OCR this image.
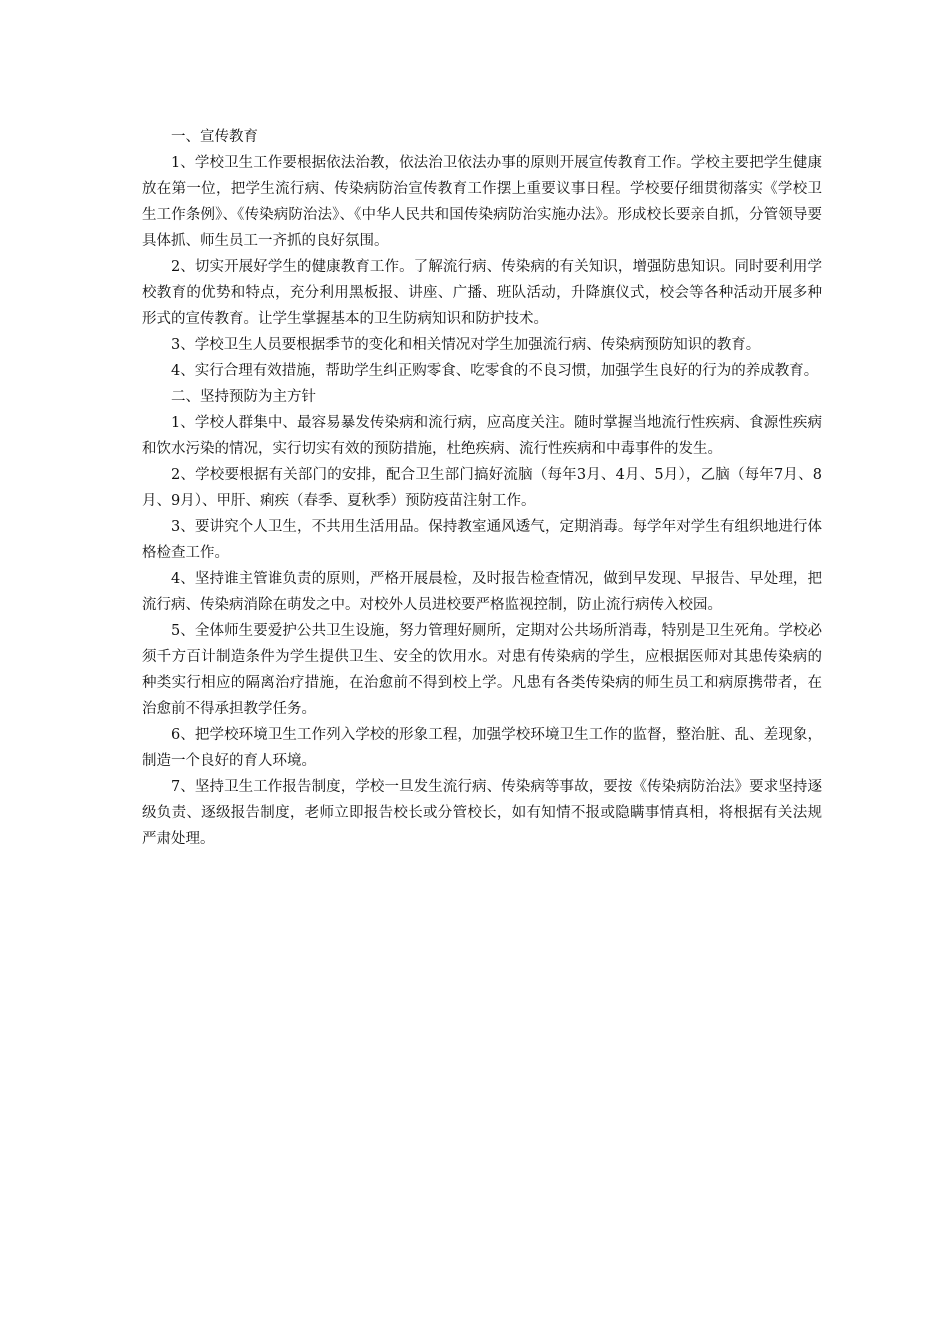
一、宣传教育

1、学校卫生工作要根据依法治教，依法治卫依法办事的原则开展宣传教育工作。学校主要把学生健康放在第一位，把学生流行病、传染病防治宣传教育工作摆上重要议事日程。学校要仔细贯彻落实《学校卫生工作条例》、《传染病防治法》、《中华人民共和国传染病防治实施办法》。形成校长要亲自抓，分管领导要具体抓、师生员工一齐抓的良好氛围。

2、切实开展好学生的健康教育工作。了解流行病、传染病的有关知识，增强防患知识。同时要利用学校教育的优势和特点，充分利用黑板报、讲座、广播、班队活动，升降旗仪式，校会等各种活动开展多种形式的宣传教育。让学生掌握基本的卫生防病知识和防护技术。

3、学校卫生人员要根据季节的变化和相关情况对学生加强流行病、传染病预防知识的教育。

4、实行合理有效措施，帮助学生纠正购零食、吃零食的不良习惯，加强学生良好的行为的养成教育。

二、坚持预防为主方针

1、学校人群集中、最容易暴发传染病和流行病，应高度关注。随时掌握当地流行性疾病、食源性疾病和饮水污染的情况，实行切实有效的预防措施，杜绝疾病、流行性疾病和中毒事件的发生。

2、学校要根据有关部门的安排，配合卫生部门搞好流脑（每年3月、4月、5月），乙脑（每年7月、8月、9月）、甲肝、痢疾（春季、夏秋季）预防疫苗注射工作。

3、要讲究个人卫生，不共用生活用品。保持教室通风透气，定期消毒。每学年对学生有组织地进行体格检查工作。

4、坚持谁主管谁负责的原则，严格开展晨检，及时报告检查情况，做到早发现、早报告、早处理，把流行病、传染病消除在萌发之中。对校外人员进校要严格监视控制，防止流行病传入校园。

5、全体师生要爱护公共卫生设施，努力管理好厕所，定期对公共场所消毒，特别是卫生死角。学校必须千方百计制造条件为学生提供卫生、安全的饮用水。对患有传染病的学生，应根据医师对其患传染病的种类实行相应的隔离治疗措施，在治愈前不得到校上学。凡患有各类传染病的师生员工和病原携带者，在治愈前不得承担教学任务。

6、把学校环境卫生工作列入学校的形象工程，加强学校环境卫生工作的监督，整治脏、乱、差现象，制造一个良好的育人环境。

7、坚持卫生工作报告制度，学校一旦发生流行病、传染病等事故，要按《传染病防治法》要求坚持逐级负责、逐级报告制度，老师立即报告校长或分管校长，如有知情不报或隐瞒事情真相，将根据有关法规严肃处理。
